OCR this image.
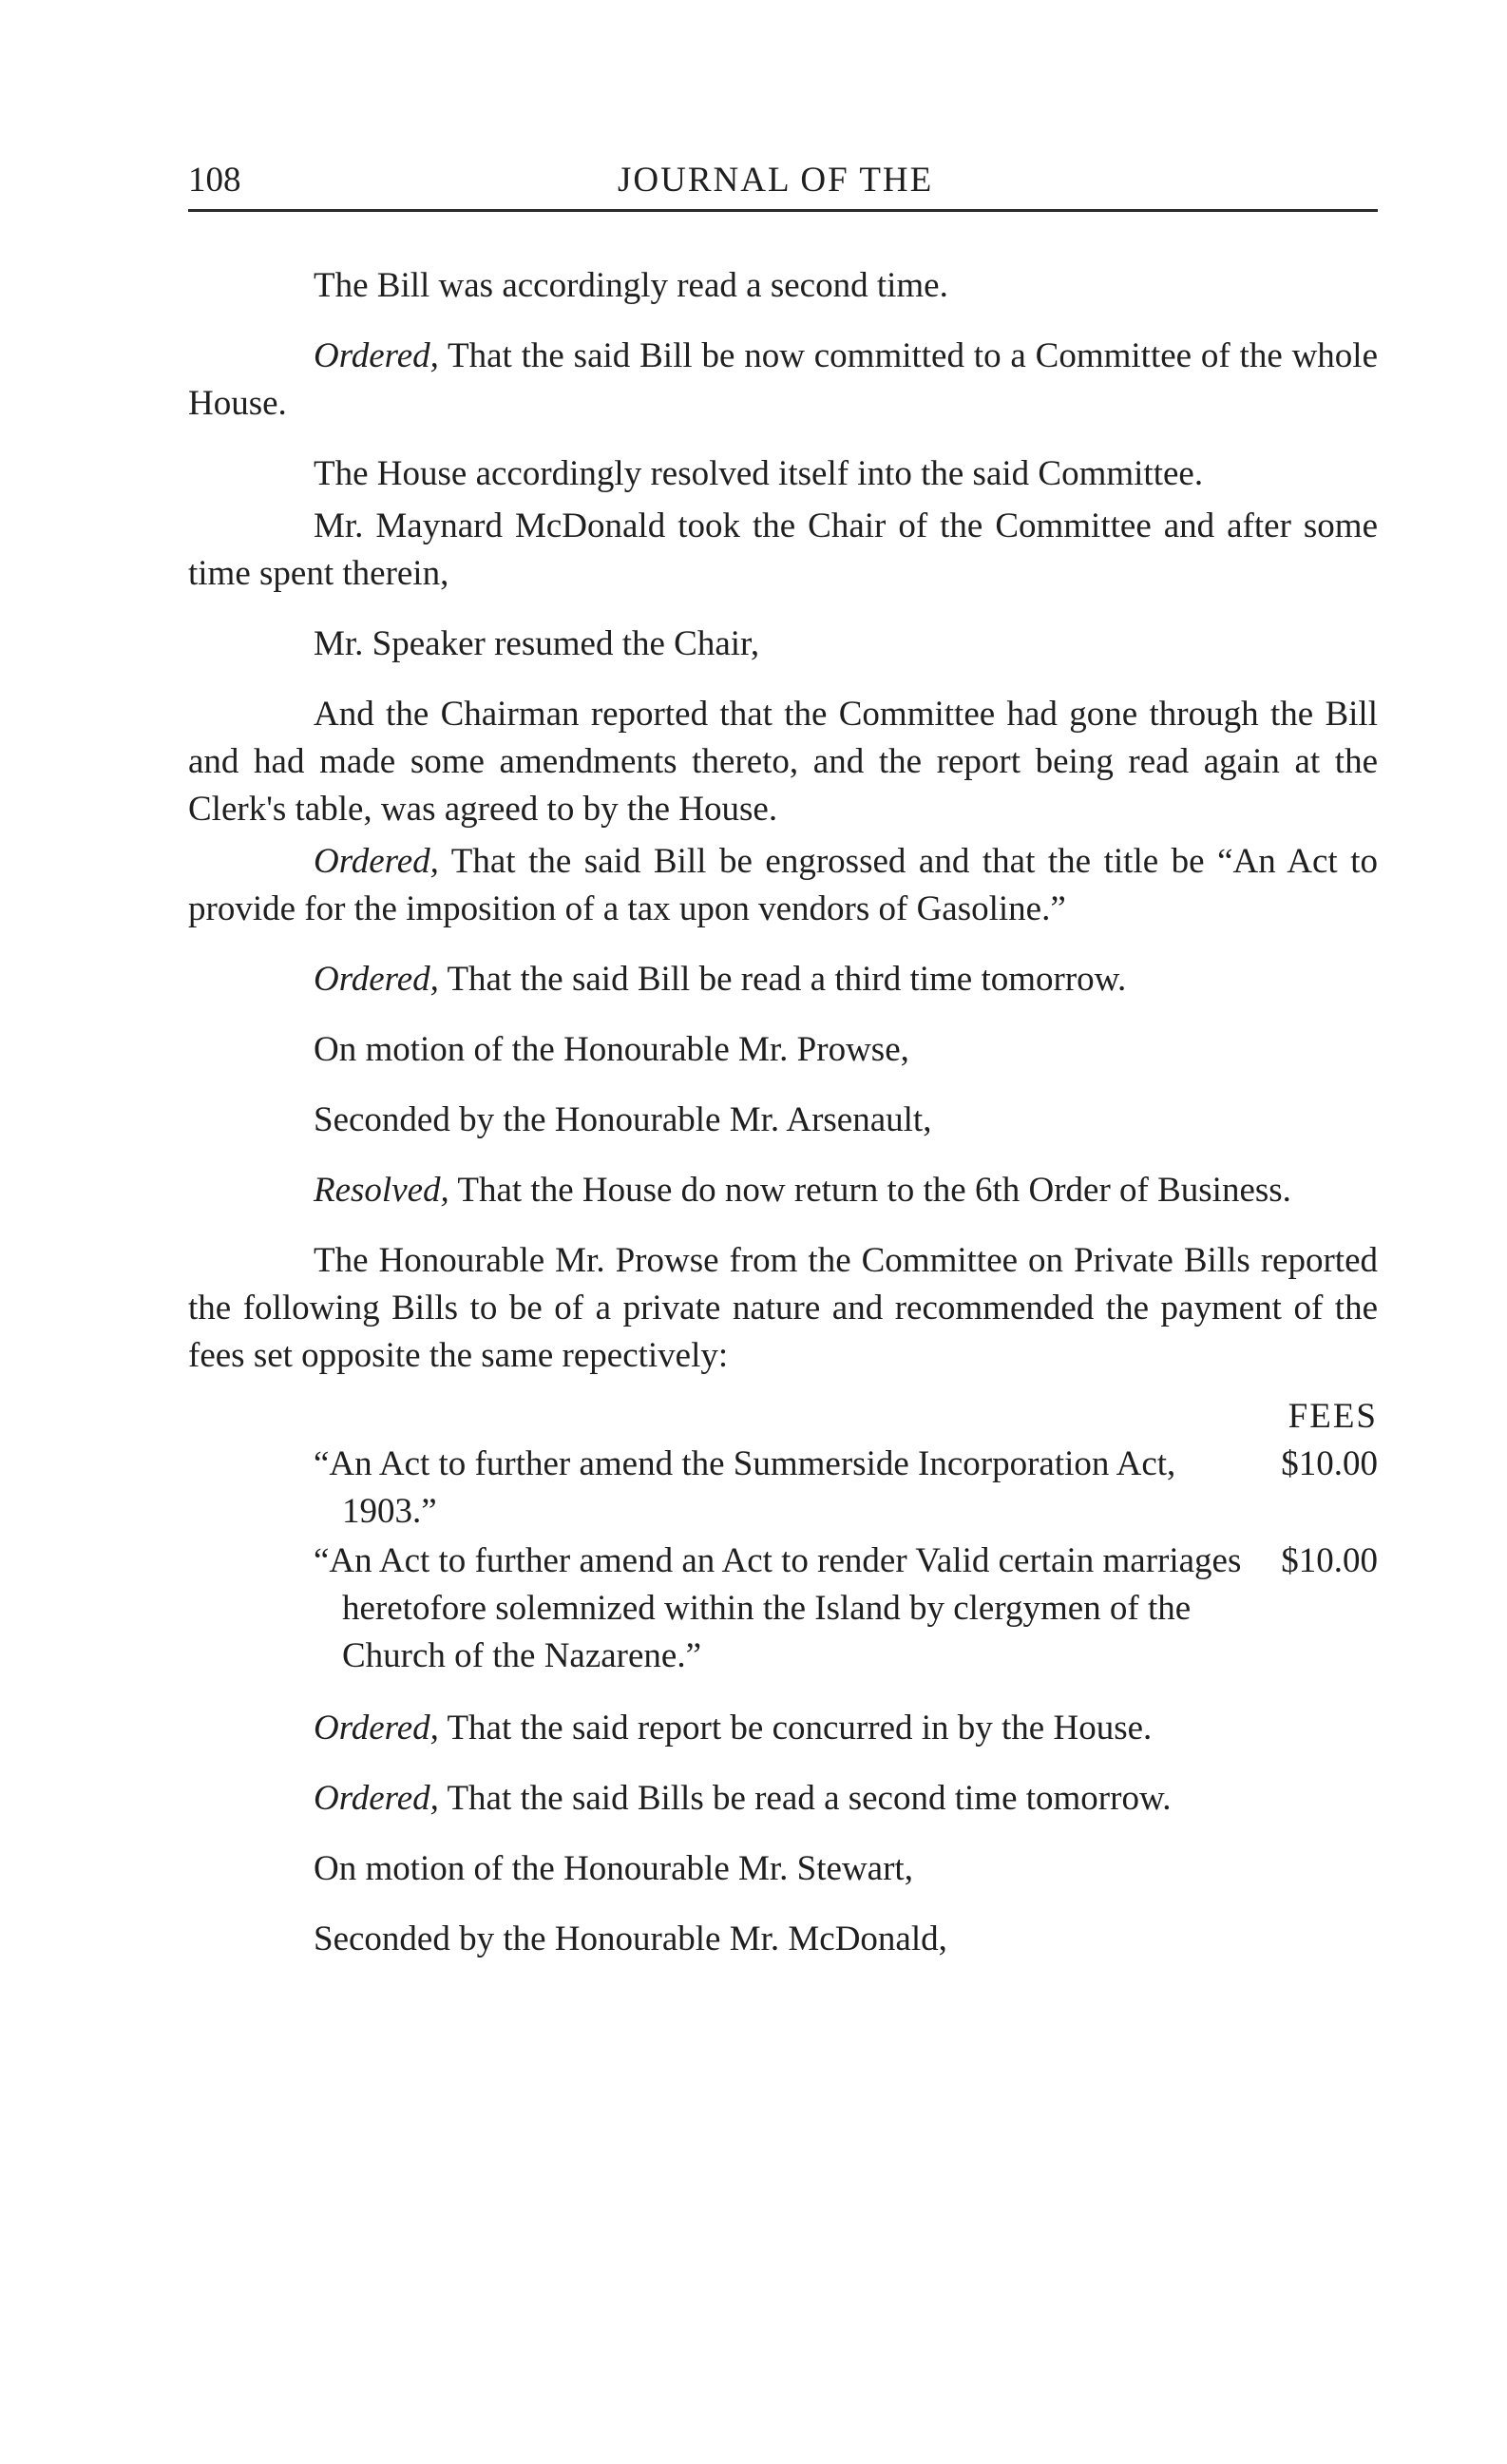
108	JOURNAL OF THE

The Bill was accordingly read a second time.

Ordered, That the said Bill be now committed to a Committee of the whole House.

The House accordingly resolved itself into the said Committee.

Mr. Maynard McDonald took the Chair of the Committee and after some time spent therein,

Mr. Speaker resumed the Chair,

And the Chairman reported that the Committee had gone through the Bill and had made some amendments thereto, and the report being read again at the Clerk's table, was agreed to by the House.

Ordered, That the said Bill be engrossed and that the title be “An Act to provide for the imposition of a tax upon vendors of Gasoline.”

Ordered, That the said Bill be read a third time tomorrow.

On motion of the Honourable Mr. Prowse,

Seconded by the Honourable Mr. Arsenault,

Resolved, That the House do now return to the 6th Order of Business.

The Honourable Mr. Prowse from the Committee on Private Bills reported the following Bills to be of a private nature and recommended the payment of the fees set opposite the same repectively:

FEES
“An Act to further amend the Summerside Incorporation Act, 1903.”
$10.00
“An Act to further amend an Act to render Valid certain marriages heretofore solemnized within the Island by clergymen of the Church of the Nazarene.”
$10.00

Ordered, That the said report be concurred in by the House.

Ordered, That the said Bills be read a second time tomorrow.

On motion of the Honourable Mr. Stewart,

Seconded by the Honourable Mr. McDonald,
